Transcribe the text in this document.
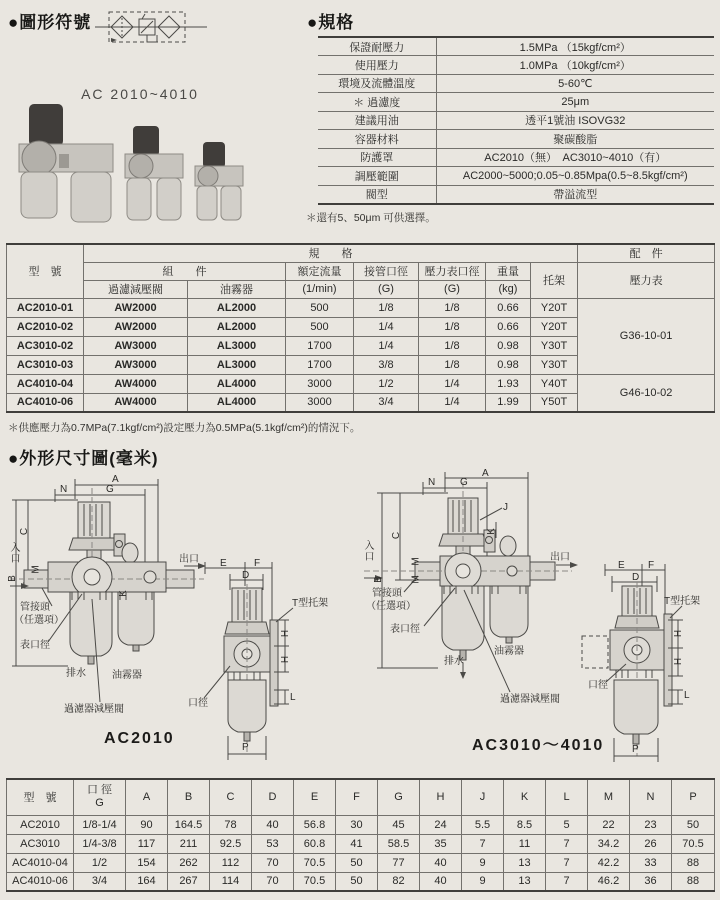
●圖形符號
AC 2010~4010
●規格
保證耐壓力	1.5MPa （15kgf/cm²）
使用壓力	1.0MPa （10kgf/cm²）
環境及流體溫度	5-60℃
＊ 過濾度	25μm
建議用油	透平1號油 ISOVG32
容器材料	聚碳酸脂
防護罩	AC2010（無）　AC3010~4010（有）
調壓範圍	AC2000~5000;0.05~0.85Mpa(0.5~8.5kgf/cm²)
閥型	帶溢流型
＊還有5、50μm 可供選擇。
型　號	規　　格							配　件
	組　　件		額定流量	接管口徑	壓力表口徑	重量	托架	壓力表
	過濾減壓閥	油霧器	(1/min)	(G)	(G)	(kg)		
AC2010-01	AW2000	AL2000	500	1/8	1/8	0.66	Y20T	G36-10-01
AC2010-02	AW2000	AL2000	500	1/4	1/8	0.66	Y20T	
AC3010-02	AW3000	AL3000	1700	1/4	1/8	0.98	Y30T	
AC3010-03	AW3000	AL3000	1700	3/8	1/8	0.98	Y30T	
AC4010-04	AW4000	AL4000	3000	1/2	1/4	1.93	Y40T	G46-10-02
AC4010-06	AW4000	AL4000	3000	3/4	1/4	1.99	Y50T	
＊供應壓力為0.7MPa(7.1kgf/cm²)設定壓力為0.5MPa(5.1kgf/cm²)的情況下。
●外形尺寸圖(毫米)
A
N	G
B
C
M
K
入口
管接頭
（任選項）
表口徑
排水	油霧器
過濾器減壓閥
出口 E	F
D
T型托架
H
H
L
口徑
P
AC2010
A
N G
J
K
B
C
M
M
入口	出口
管接頭
（任選項）
表口徑
排水
油霧器
過濾器減壓閥
E F
D
T型托架
H
H
L
口徑
P
AC3010～4010
型　號	口 徑
G	A	B	C	D	E	F	G	H	J	K	L	M	N	P
AC2010	1/8-1/4	90	164.5	78	40	56.8	30	45	24	5.5	8.5	5	22	23	50
AC3010	1/4-3/8	117	211	92.5	53	60.8	41	58.5	35	7	11	7	34.2	26	70.5
AC4010-04	1/2	154	262	112	70	70.5	50	77	40	9	13	7	42.2	33	88
AC4010-06	3/4	164	267	114	70	70.5	50	82	40	9	13	7	46.2	36	88
